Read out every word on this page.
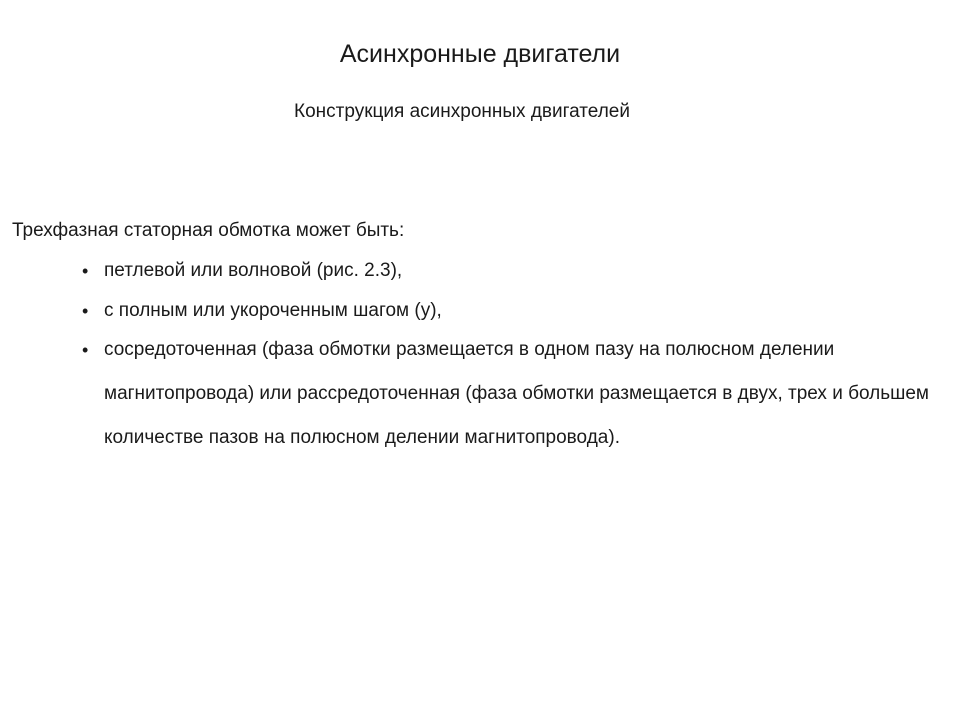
Асинхронные двигатели
Конструкция асинхронных двигателей
Трехфазная статорная обмотка может быть:
• петлевой или волновой (рис. 2.3),
• с полным или укороченным шагом (y),
• сосредоточенная (фаза обмотки размещается в одном пазу на полюсном делении магнитопровода) или рассредоточенная (фаза обмотки размещается в двух, трех и большем количестве пазов на полюсном делении магнитопровода).
